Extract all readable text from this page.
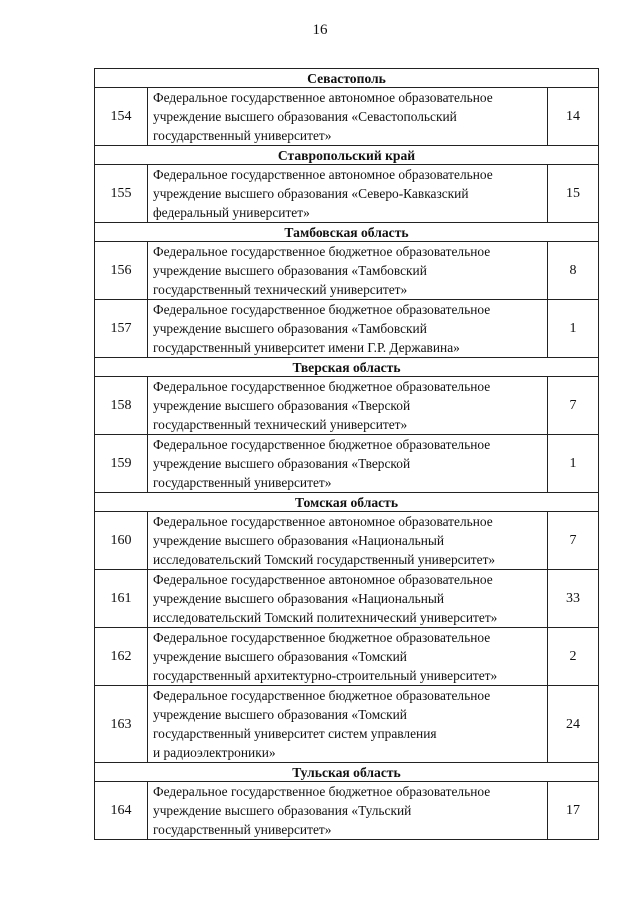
16
Севастополь		
154	Федеральное государственное автономное образовательное
учреждение высшего образования «Севастопольский
государственный университет»	14
Ставропольский край		
155	Федеральное государственное автономное образовательное
учреждение высшего образования «Северо-Кавказский
федеральный университет»	15
Тамбовская область		
156	Федеральное государственное бюджетное образовательное
учреждение высшего образования «Тамбовский
государственный технический университет»	8
157	Федеральное государственное бюджетное образовательное
учреждение высшего образования «Тамбовский
государственный университет имени Г.Р. Державина»	1
Тверская область		
158	Федеральное государственное бюджетное образовательное
учреждение высшего образования «Тверской
государственный технический университет»	7
159	Федеральное государственное бюджетное образовательное
учреждение высшего образования «Тверской
государственный университет»	1
Томская область		
160	Федеральное государственное автономное образовательное
учреждение высшего образования «Национальный
исследовательский Томский государственный университет»	7
161	Федеральное государственное автономное образовательное
учреждение высшего образования «Национальный
исследовательский Томский политехнический университет»	33
162	Федеральное государственное бюджетное образовательное
учреждение высшего образования «Томский
государственный архитектурно-строительный университет»	2
163	Федеральное государственное бюджетное образовательное
учреждение высшего образования «Томский
государственный университет систем управления
и радиоэлектроники»	24
Тульская область		
164	Федеральное государственное бюджетное образовательное
учреждение высшего образования «Тульский
государственный университет»	17
